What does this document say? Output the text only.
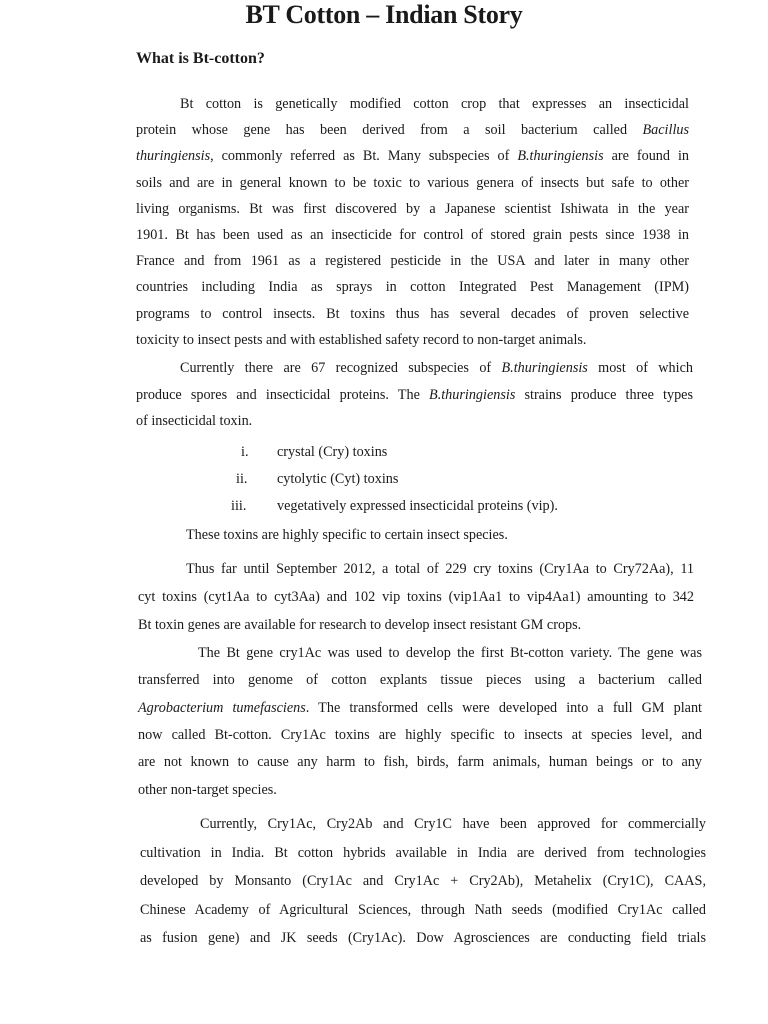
BT Cotton – Indian Story
What is Bt-cotton?
Bt cotton is genetically modified cotton crop that expresses an insecticidal
protein whose gene has been derived from a soil bacterium called Bacillus
thuringiensis, commonly referred as Bt. Many subspecies of B.thuringiensis are found in
soils and are in general known to be toxic to various genera of insects but safe to other
living organisms. Bt was first discovered by a Japanese scientist Ishiwata in the year
1901. Bt has been used as an insecticide for control of stored grain pests since 1938 in
France and from 1961 as a registered pesticide in the USA and later in many other
countries including India as sprays in cotton Integrated Pest Management (IPM)
programs to control insects. Bt toxins thus has several decades of proven selective
toxicity to insect pests and with established safety record to non-target animals.
Currently there are 67 recognized subspecies of B.thuringiensis most of which
produce spores and insecticidal proteins. The B.thuringiensis strains produce three types
of insecticidal toxin.
i. crystal (Cry) toxins
ii. cytolytic (Cyt) toxins
iii. vegetatively expressed insecticidal proteins (vip).
These toxins are highly specific to certain insect species.
Thus far until September 2012, a total of 229 cry toxins (Cry1Aa to Cry72Aa), 11
cyt toxins (cyt1Aa to cyt3Aa) and 102 vip toxins (vip1Aa1 to vip4Aa1) amounting to 342
Bt toxin genes are available for research to develop insect resistant GM crops.
The Bt gene cry1Ac was used to develop the first Bt-cotton variety. The gene was
transferred into genome of cotton explants tissue pieces using a bacterium called
Agrobacterium tumefasciens. The transformed cells were developed into a full GM plant
now called Bt-cotton. Cry1Ac toxins are highly specific to insects at species level, and
are not known to cause any harm to fish, birds, farm animals, human beings or to any
other non-target species.
Currently, Cry1Ac, Cry2Ab and Cry1C have been approved for commercially
cultivation in India. Bt cotton hybrids available in India are derived from technologies
developed by Monsanto (Cry1Ac and Cry1Ac + Cry2Ab), Metahelix (Cry1C), CAAS,
Chinese Academy of Agricultural Sciences, through Nath seeds (modified Cry1Ac called
as fusion gene) and JK seeds (Cry1Ac). Dow Agrosciences are conducting field trials
